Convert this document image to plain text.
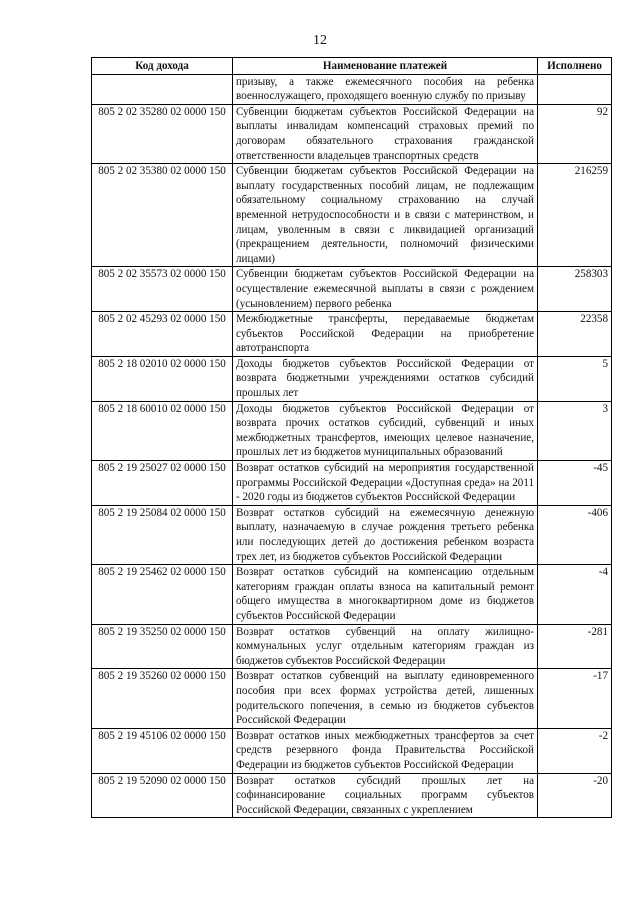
12
Код дохода	Наименование платежей	Исполнено
	призыву, а также ежемесячного пособия на ребенка военнослужащего, проходящего военную службу по призыву	
805 2 02 35280 02 0000 150	Субвенции бюджетам субъектов Российской Федерации на выплаты инвалидам компенсаций страховых премий по договорам обязательного страхования гражданской ответственности владельцев транспортных средств	92
805 2 02 35380 02 0000 150	Субвенции бюджетам субъектов Российской Федерации на выплату государственных пособий лицам, не подлежащим обязательному социальному страхованию на случай временной нетрудоспособности и в связи с материнством, и лицам, уволенным в связи с ликвидацией организаций (прекращением деятельности, полномочий физическими лицами)	216259
805 2 02 35573 02 0000 150	Субвенции бюджетам субъектов Российской Федерации на осуществление ежемесячной выплаты в связи с рождением (усыновлением) первого ребенка	258303
805 2 02 45293 02 0000 150	Межбюджетные трансферты, передаваемые бюджетам субъектов Российской Федерации на приобретение автотранспорта	22358
805 2 18 02010 02 0000 150	Доходы бюджетов субъектов Российской Федерации от возврата бюджетными учреждениями остатков субсидий прошлых лет	5
805 2 18 60010 02 0000 150	Доходы бюджетов субъектов Российской Федерации от возврата прочих остатков субсидий, субвенций и иных межбюджетных трансфертов, имеющих целевое назначение, прошлых лет из бюджетов муниципальных образований	3
805 2 19 25027 02 0000 150	Возврат остатков субсидий на мероприятия государственной программы Российской Федерации «Доступная среда» на 2011 - 2020 годы из бюджетов субъектов Российской Федерации	-45
805 2 19 25084 02 0000 150	Возврат остатков субсидий на ежемесячную денежную выплату, назначаемую в случае рождения третьего ребенка или последующих детей до достижения ребенком возраста трех лет, из бюджетов субъектов Российской Федерации	-406
805 2 19 25462 02 0000 150	Возврат остатков субсидий на компенсацию отдельным категориям граждан оплаты взноса на капитальный ремонт общего имущества в многоквартирном доме из бюджетов субъектов Российской Федерации	-4
805 2 19 35250 02 0000 150	Возврат остатков субвенций на оплату жилищно-коммунальных услуг отдельным категориям граждан из бюджетов субъектов Российской Федерации	-281
805 2 19 35260 02 0000 150	Возврат остатков субвенций на выплату единовременного пособия при всех формах устройства детей, лишенных родительского попечения, в семью из бюджетов субъектов Российской Федерации	-17
805 2 19 45106 02 0000 150	Возврат остатков иных межбюджетных трансфертов за счет средств резервного фонда Правительства Российской Федерации из бюджетов субъектов Российской Федерации	-2
805 2 19 52090 02 0000 150	Возврат остатков субсидий прошлых лет на софинансирование социальных программ субъектов Российской Федерации, связанных с укреплением	-20
